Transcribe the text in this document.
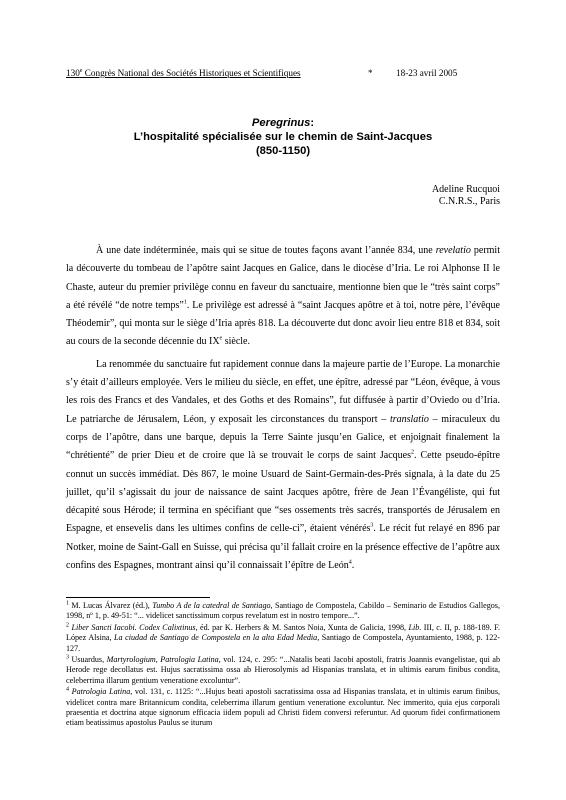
130e Congrès National des Sociétés Historiques et Scientifiques	*	18-23 avril 2005
Peregrinus:
L’hospitalité spécialisée sur le chemin de Saint-Jacques
(850-1150)
Adeline Rucquoi
C.N.R.S., Paris

À une date indéterminée, mais qui se situe de toutes façons avant l’année 834, une revelatio permit la découverte du tombeau de l’apôtre saint Jacques en Galice, dans le diocèse d’Iria. Le roi Alphonse II le Chaste, auteur du premier privilège connu en faveur du sanctuaire, mentionne bien que le “très saint corps” a été révélé “de notre temps”$^1$. Le privilège est adressé à “saint Jacques apôtre et à toi, notre père, l’évêque Théodemir”, qui monta sur le siège d’Iria après 818. La découverte dut donc avoir lieu entre 818 et 834, soit au cours de la seconde décennie du IXe siècle.

La renommée du sanctuaire fut rapidement connue dans la majeure partie de l’Europe. La monarchie s’y était d’ailleurs employée. Vers le milieu du siècle, en effet, une épître, adressé par “Léon, évêque, à vous les rois des Francs et des Vandales, et des Goths et des Romains”, fut diffusée à partir d’Oviedo ou d’Iria. Le patriarche de Jérusalem, Léon, y exposait les circonstances du transport – translatio – miraculeux du corps de l’apôtre, dans une barque, depuis la Terre Sainte jusqu’en Galice, et enjoignait finalement la “chrétienté” de prier Dieu et de croire que là se trouvait le corps de saint Jacques$^2$. Cette pseudo-épître connut un succès immédiat. Dès 867, le moine Usuard de Saint-Germain-des-Prés signala, à la date du 25 juillet, qu’il s’agissait du jour de naissance de saint Jacques apôtre, frère de Jean l’Évangéliste, qui fut décapité sous Hérode; il termina en spécifiant que “ses ossements très sacrés, transportés de Jérusalem en Espagne, et ensevelis dans les ultimes confins de celle-ci”, étaient vénérés$^3$. Le récit fut relayé en 896 par Notker, moine de Saint-Gall en Suisse, qui précisa qu’il fallait croire en la présence effective de l’apôtre aux confins des Espagnes, montrant ainsi qu’il connaissait l’épître de León$^4$.

$^1$ M. Lucas Álvarez (éd.), Tumbo A de la catedral de Santiago, Santiago de Compostela, Cabildo – Seminario de Estudios Gallegos, 1998, nº 1, p. 49-51: “... videlicet sanctissimum corpus revelatum est in nostro tempore...”.

$^2$ Liber Sancti Iacobi. Codex Calixtinus, éd. par K. Herbers & M. Santos Noia, Xunta de Galicia, 1998, Lib. III, c. II, p. 188-189. F. López Alsina, La ciudad de Santiago de Compostela en la alta Edad Media, Santiago de Compostela, Ayuntamiento, 1988, p. 122-127.

$^3$ Usuardus, Martyrologium, Patrologia Latina, vol. 124, c. 295: “...Natalis beati Jacobi apostoli, fratris Joannis evangelistae, qui ab Herode rege decollatus est. Hujus sacratissima ossa ab Hierosolymis ad Hispanias translata, et in ultimis earum finibus condita, celeberrima illarum gentium veneratione excoluntur”.

$^4$ Patrologia Latina, vol. 131, c. 1125: “...Hujus beati apostoli sacratissima ossa ad Hispanias translata, et in ultimis earum finibus, videlicet contra mare Britannicum condita, celeberrima illarum gentium veneratione excoluntur. Nec immerito, quia ejus corporali praesentia et doctrina atque signorum efficacia iidem populi ad Christi fidem conversi referuntur. Ad quorum fidei confirmationem etiam beatissimus apostolus Paulus se iturum
